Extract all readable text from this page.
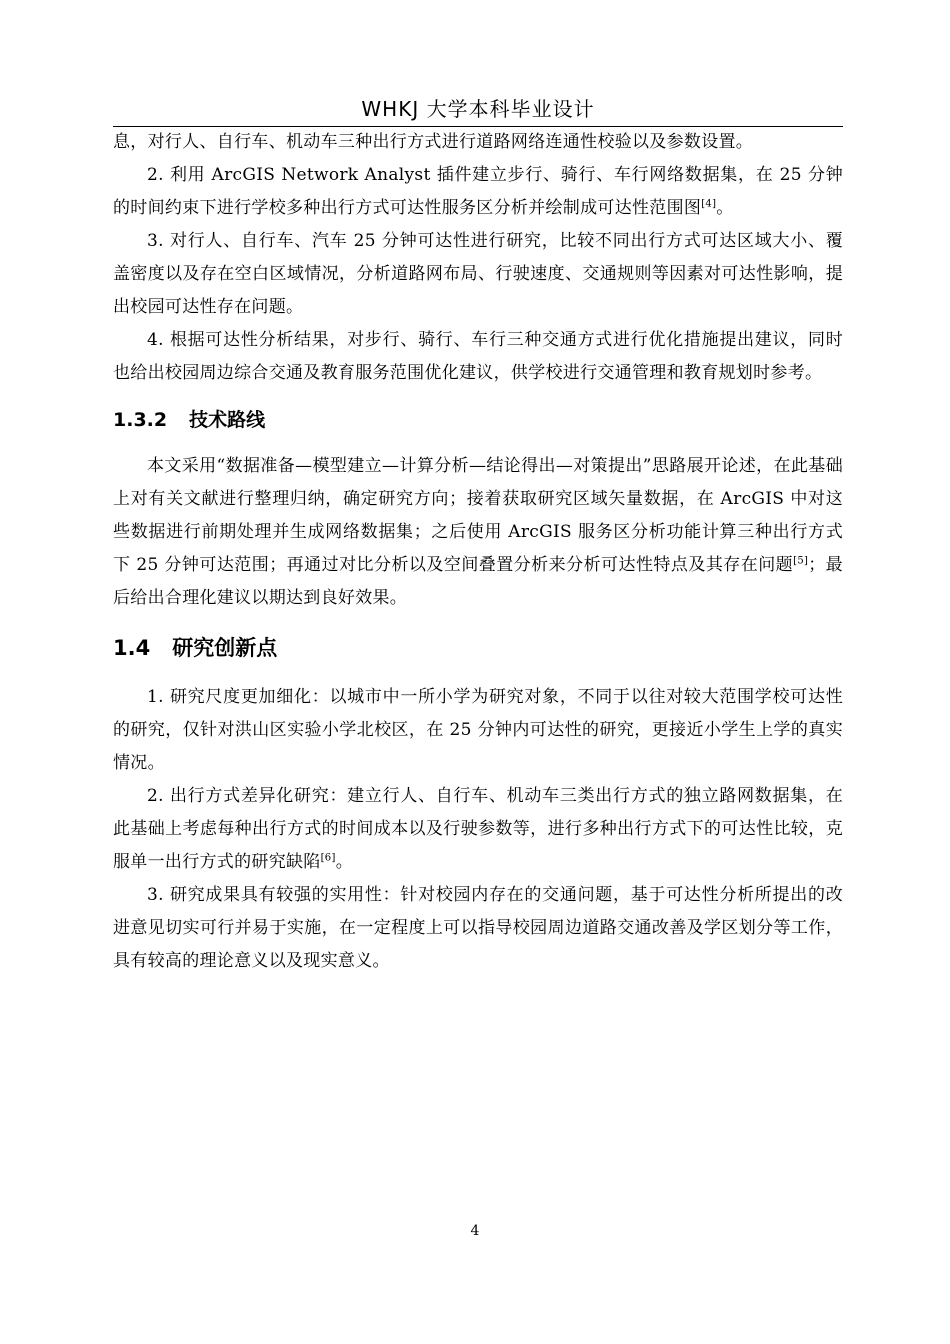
WHKJ 大学本科毕业设计

息，对行人、自行车、机动车三种出行方式进行道路网络连通性校验以及参数设置。

2. 利用 ArcGIS Network Analyst 插件建立步行、骑行、车行网络数据集，在 25 分钟的时间约束下进行学校多种出行方式可达性服务区分析并绘制成可达性范围图[4]。

3. 对行人、自行车、汽车 25 分钟可达性进行研究，比较不同出行方式可达区域大小、覆盖密度以及存在空白区域情况，分析道路网布局、行驶速度、交通规则等因素对可达性影响，提出校园可达性存在问题。

4. 根据可达性分析结果，对步行、骑行、车行三种交通方式进行优化措施提出建议，同时也给出校园周边综合交通及教育服务范围优化建议，供学校进行交通管理和教育规划时参考。

1.3.2 技术路线

本文采用“数据准备—模型建立—计算分析—结论得出—对策提出”思路展开论述，在此基础上对有关文献进行整理归纳，确定研究方向；接着获取研究区域矢量数据，在 ArcGIS 中对这些数据进行前期处理并生成网络数据集；之后使用 ArcGIS 服务区分析功能计算三种出行方式下 25 分钟可达范围；再通过对比分析以及空间叠置分析来分析可达性特点及其存在问题[5]；最后给出合理化建议以期达到良好效果。

1.4 研究创新点

1. 研究尺度更加细化：以城市中一所小学为研究对象，不同于以往对较大范围学校可达性的研究，仅针对洪山区实验小学北校区，在 25 分钟内可达性的研究，更接近小学生上学的真实情况。

2. 出行方式差异化研究：建立行人、自行车、机动车三类出行方式的独立路网数据集，在此基础上考虑每种出行方式的时间成本以及行驶参数等，进行多种出行方式下的可达性比较，克服单一出行方式的研究缺陷[6]。

3. 研究成果具有较强的实用性：针对校园内存在的交通问题，基于可达性分析所提出的改进意见切实可行并易于实施，在一定程度上可以指导校园周边道路交通改善及学区划分等工作，具有较高的理论意义以及现实意义。

4
